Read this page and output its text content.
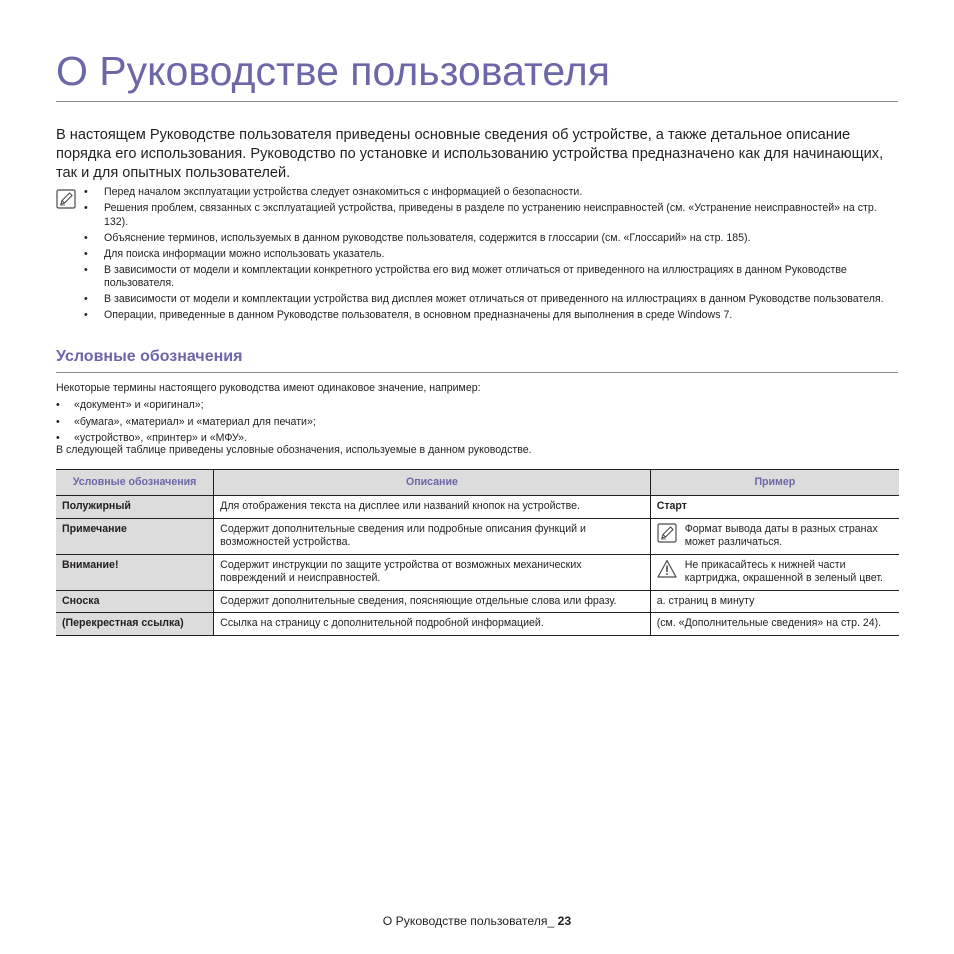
О Руководстве пользователя

В настоящем Руководстве пользователя приведены основные сведения об устройстве, а также детальное описание порядка его использования. Руководство по установке и использованию устройства предназначено как для начинающих, так и для опытных пользователей.

• Перед началом эксплуатации устройства следует ознакомиться с информацией о безопасности.
• Решения проблем, связанных с эксплуатацией устройства, приведены в разделе по устранению неисправностей (см. «Устранение неисправностей» на стр. 132).
• Объяснение терминов, используемых в данном руководстве пользователя, содержится в глоссарии (см. «Глоссарий» на стр. 185).
• Для поиска информации можно использовать указатель.
• В зависимости от модели и комплектации конкретного устройства его вид может отличаться от приведенного на иллюстрациях в данном Руководстве пользователя.
• В зависимости от модели и комплектации устройства вид дисплея может отличаться от приведенного на иллюстрациях в данном Руководстве пользователя.
• Операции, приведенные в данном Руководстве пользователя, в основном предназначены для выполнения в среде Windows 7.
Условные обозначения

Некоторые термины настоящего руководства имеют одинаковое значение, например:

• «документ» и «оригинал»;
• «бумага», «материал» и «материал для печати»;
• «устройство», «принтер» и «МФУ».

В следующей таблице приведены условные обозначения, используемые в данном руководстве.

Условные обозначения	Описание	Пример
Полужирный	Для отображения текста на дисплее или названий кнопок на устройстве.	Старт
Примечание	Содержит дополнительные сведения или подробные описания функций и возможностей устройства.	Формат вывода даты в разных странах может различаться.

Внимание!	Содержит инструкции по защите устройства от возможных механических повреждений и неисправностей.	Не прикасайтесь к нижней части картриджа, окрашенной в зеленый цвет.

Сноска	Содержит дополнительные сведения, поясняющие отдельные слова или фразу.	a. страниц в минуту
(Перекрестная ссылка)	Ссылка на страницу с дополнительной подробной информацией.	(см. «Дополнительные сведения» на стр. 24).
О Руководстве пользователя_ 23
